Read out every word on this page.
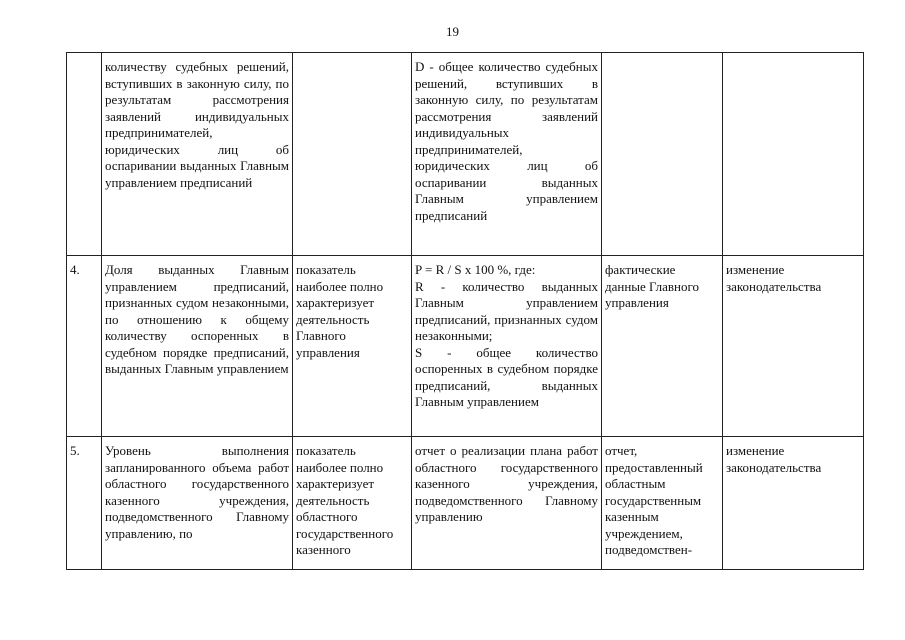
19
	количеству судебных решений, вступивших в законную силу, по результатам рассмотрения заявлений индивидуальных предпринимателей, юридических лиц об оспаривании выданных Главным управлением предписаний		D - общее количество судебных решений, вступивших в законную силу, по результатам рассмотрения заявлений индивидуальных предпринимателей, юридических лиц об оспаривании выданных Главным управлением предписаний		

4.	Доля выданных Главным управлением предписаний, признанных судом незаконными, по отношению к общему количеству оспоренных в судебном порядке предписаний, выданных Главным управлением	показатель наиболее полно характеризует деятельность Главного управления	P = R / S x 100 %, где:
R - количество выданных Главным управлением предписаний, признанных судом незаконными;
S - общее количество оспоренных в судебном порядке предписаний, выданных Главным управлением	фактические данные Главного управления	изменение законодательства
5.	Уровень выполнения запланированного объема работ областного государственного казенного учреждения, подведомственного Главному управлению, по	показатель наиболее полно характеризует деятельность областного государственного казенного	отчет о реализации плана работ областного государственного казенного учреждения, подведомственного Главному управлению	отчет, предоставленный областным государственным казенным учреждением, подведомствен-	изменение законодательства
